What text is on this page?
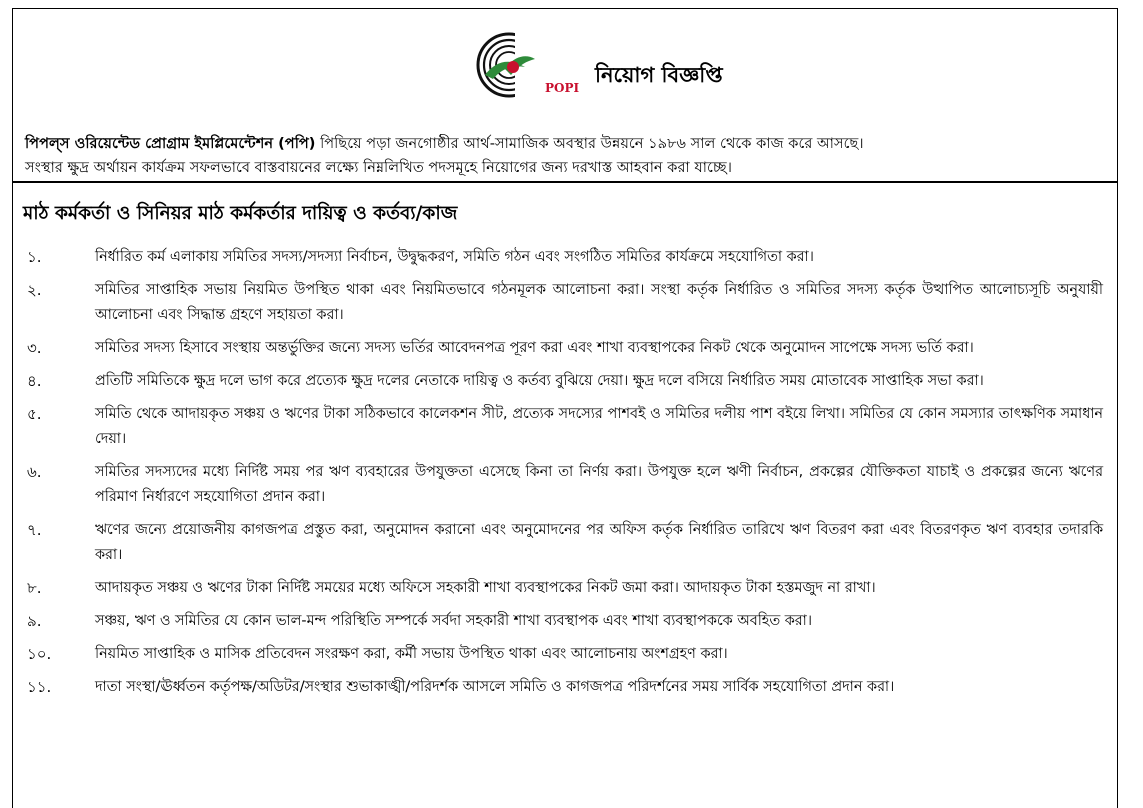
POPI
নিয়োগ বিজ্ঞপ্তি
পিপল্‌স ওরিয়েন্টেড প্রোগ্রাম ইমপ্লিমেন্টেশন (পপি) পিছিয়ে পড়া জনগোষ্ঠীর আর্থ-সামাজিক অবস্থার উন্নয়নে ১৯৮৬ সাল থেকে কাজ করে আসছে।
সংস্থার ক্ষুদ্র অর্থায়ন কার্যক্রম সফলভাবে বাস্তবায়নের লক্ষ্যে নিম্নলিখিত পদসমূহে নিয়োগের জন্য দরখাস্ত আহবান করা যাচ্ছে।
মাঠ কর্মকর্তা ও সিনিয়র মাঠ কর্মকর্তার দায়িত্ব ও কর্তব্য/কাজ
১.	নির্ধারিত কর্ম এলাকায় সমিতির সদস্য/সদস্যা নির্বাচন, উদ্বুদ্ধকরণ, সমিতি গঠন এবং সংগঠিত সমিতির কার্যক্রমে সহযোগিতা করা।
২.	সমিতির সাপ্তাহিক সভায় নিয়মিত উপস্থিত থাকা এবং নিয়মিতভাবে গঠনমূলক আলোচনা করা। সংস্থা কর্তৃক নির্ধারিত ও সমিতির সদস্য কর্তৃক উত্থাপিত আলোচ্যসূচি অনুযায়ী আলোচনা এবং সিদ্ধান্ত গ্রহণে সহায়তা করা।
৩.	সমিতির সদস্য হিসাবে সংস্থায় অন্তর্ভুক্তির জন্যে সদস্য ভর্তির আবেদনপত্র পূরণ করা এবং শাখা ব্যবস্থাপকের নিকট থেকে অনুমোদন সাপেক্ষে সদস্য ভর্তি করা।
৪.	প্রতিটি সমিতিকে ক্ষুদ্র দলে ভাগ করে প্রত্যেক ক্ষুদ্র দলের নেতাকে দায়িত্ব ও কর্তব্য বুঝিয়ে দেয়া। ক্ষুদ্র দলে বসিয়ে নির্ধারিত সময় মোতাবেক সাপ্তাহিক সভা করা।
৫.	সমিতি থেকে আদায়কৃত সঞ্চয় ও ঋণের টাকা সঠিকভাবে কালেকশন সীট, প্রত্যেক সদস্যের পাশবই ও সমিতির দলীয় পাশ বইয়ে লিখা। সমিতির যে কোন সমস্যার তাৎক্ষণিক সমাধান দেয়া।
৬.	সমিতির সদস্যদের মধ্যে নির্দিষ্ট সময় পর ঋণ ব্যবহারের উপযুক্ততা এসেছে কিনা তা নির্ণয় করা। উপযুক্ত হলে ঋণী নির্বাচন, প্রকল্পের যৌক্তিকতা যাচাই ও প্রকল্পের জন্যে ঋণের পরিমাণ নির্ধারণে সহযোগিতা প্রদান করা।
৭.	ঋণের জন্যে প্রয়োজনীয় কাগজপত্র প্রস্তুত করা, অনুমোদন করানো এবং অনুমোদনের পর অফিস কর্তৃক নির্ধারিত তারিখে ঋণ বিতরণ করা এবং বিতরণকৃত ঋণ ব্যবহার তদারকি করা।
৮.	আদায়কৃত সঞ্চয় ও ঋণের টাকা নির্দিষ্ট সময়ের মধ্যে অফিসে সহকারী শাখা ব্যবস্থাপকের নিকট জমা করা। আদায়কৃত টাকা হস্তমজুদ না রাখা।
৯.	সঞ্চয়, ঋণ ও সমিতির যে কোন ভাল-মন্দ পরিস্থিতি সম্পর্কে সর্বদা সহকারী শাখা ব্যবস্থাপক এবং শাখা ব্যবস্থাপককে অবহিত করা।
১০.	নিয়মিত সাপ্তাহিক ও মাসিক প্রতিবেদন সংরক্ষণ করা, কর্মী সভায় উপস্থিত থাকা এবং আলোচনায় অংশগ্রহণ করা।
১১.	দাতা সংস্থা/ঊর্ধ্বতন কর্তৃপক্ষ/অডিটর/সংস্থার শুভাকাঙ্খী/পরিদর্শক আসলে সমিতি ও কাগজপত্র পরিদর্শনের সময় সার্বিক সহযোগিতা প্রদান করা।
